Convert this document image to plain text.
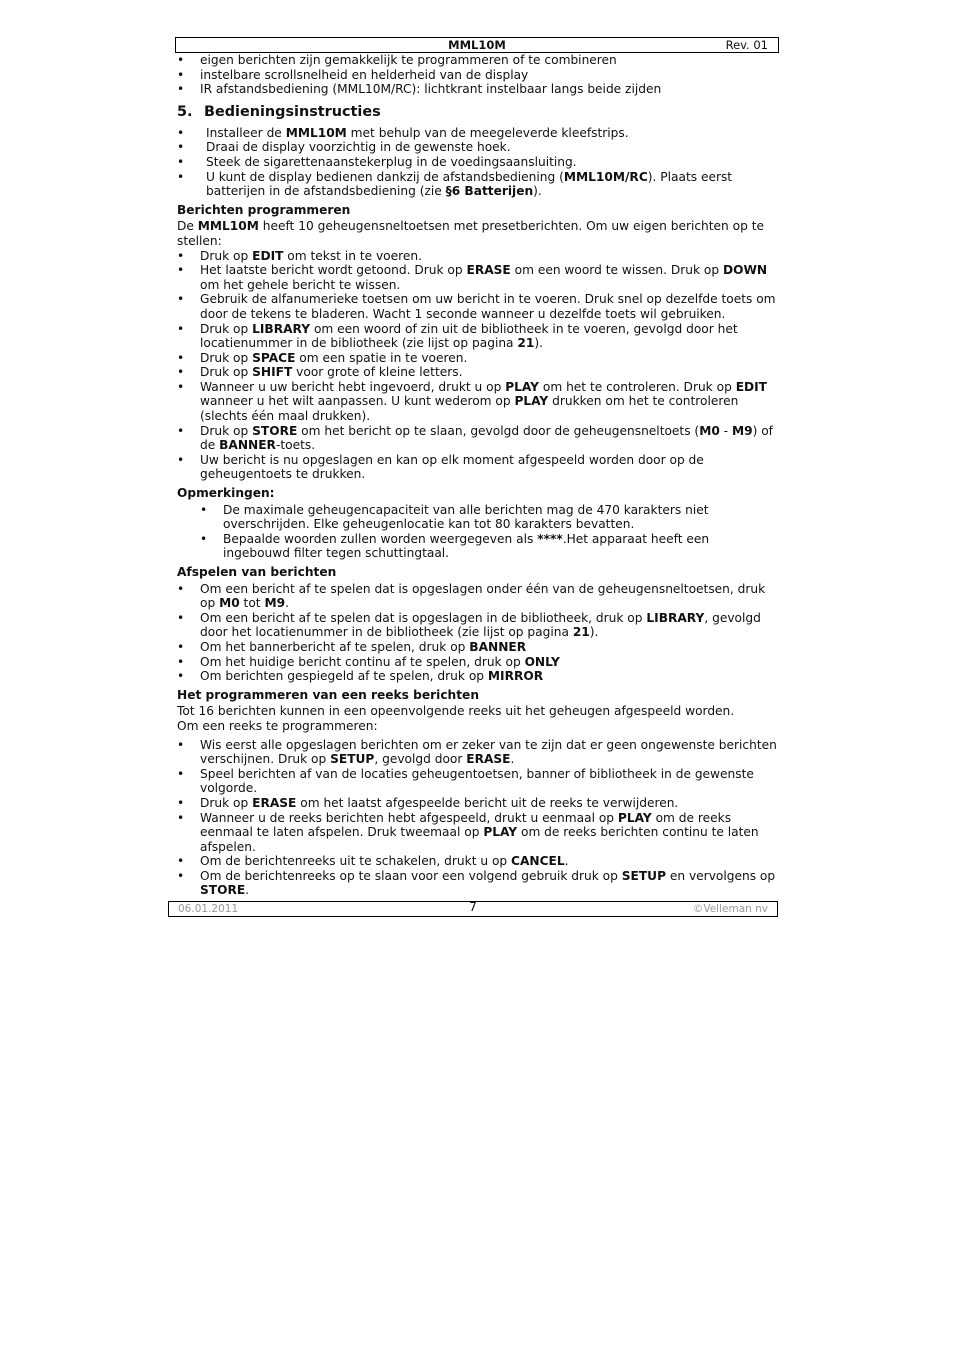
MML10M	Rev. 01
• eigen berichten zijn gemakkelijk te programmeren of te combineren
• instelbare scrollsnelheid en helderheid van de display
• IR afstandsbediening (MML10M/RC): lichtkrant instelbaar langs beide zijden
5. Bedieningsinstructies
• Installeer de MML10M met behulp van de meegeleverde kleefstrips.
• Draai de display voorzichtig in de gewenste hoek.
• Steek de sigarettenaanstekerplug in de voedingsaansluiting.
• U kunt de display bedienen dankzij de afstandsbediening (MML10M/RC). Plaats eerst batterijen in de afstandsbediening (zie §6 Batterijen).
Berichten programmeren

De MML10M heeft 10 geheugensneltoetsen met presetberichten. Om uw eigen berichten op te stellen:

• Druk op EDIT om tekst in te voeren.
• Het laatste bericht wordt getoond. Druk op ERASE om een woord te wissen. Druk op DOWN om het gehele bericht te wissen.
• Gebruik de alfanumerieke toetsen om uw bericht in te voeren. Druk snel op dezelfde toets om door de tekens te bladeren. Wacht 1 seconde wanneer u dezelfde toets wil gebruiken.
• Druk op LIBRARY om een woord of zin uit de bibliotheek in te voeren, gevolgd door het locatienummer in de bibliotheek (zie lijst op pagina 21).
• Druk op SPACE om een spatie in te voeren.
• Druk op SHIFT voor grote of kleine letters.
• Wanneer u uw bericht hebt ingevoerd, drukt u op PLAY om het te controleren. Druk op EDIT wanneer u het wilt aanpassen. U kunt wederom op PLAY drukken om het te controleren (slechts één maal drukken).
• Druk op STORE om het bericht op te slaan, gevolgd door de geheugensneltoets (M0 - M9) of de BANNER-toets.
• Uw bericht is nu opgeslagen en kan op elk moment afgespeeld worden door op de geheugentoets te drukken.
Opmerkingen:
• De maximale geheugencapaciteit van alle berichten mag de 470 karakters niet overschrijden. Elke geheugenlocatie kan tot 80 karakters bevatten.
• Bepaalde woorden zullen worden weergegeven als ****.Het apparaat heeft een ingebouwd filter tegen schuttingtaal.
Afspelen van berichten
• Om een bericht af te spelen dat is opgeslagen onder één van de geheugensneltoetsen, druk op M0 tot M9.
• Om een bericht af te spelen dat is opgeslagen in de bibliotheek, druk op LIBRARY, gevolgd door het locatienummer in de bibliotheek (zie lijst op pagina 21).
• Om het bannerbericht af te spelen, druk op BANNER
• Om het huidige bericht continu af te spelen, druk op ONLY
• Om berichten gespiegeld af te spelen, druk op MIRROR
Het programmeren van een reeks berichten

Tot 16 berichten kunnen in een opeenvolgende reeks uit het geheugen afgespeeld worden.

Om een reeks te programmeren:

• Wis eerst alle opgeslagen berichten om er zeker van te zijn dat er geen ongewenste berichten verschijnen. Druk op SETUP, gevolgd door ERASE.
• Speel berichten af van de locaties geheugentoetsen, banner of bibliotheek in de gewenste volgorde.
• Druk op ERASE om het laatst afgespeelde bericht uit de reeks te verwijderen.
• Wanneer u de reeks berichten hebt afgespeeld, drukt u eenmaal op PLAY om de reeks eenmaal te laten afspelen. Druk tweemaal op PLAY om de reeks berichten continu te laten afspelen.
• Om de berichtenreeks uit te schakelen, drukt u op CANCEL.
• Om de berichtenreeks op te slaan voor een volgend gebruik druk op SETUP en vervolgens op STORE.
06.01.2011	7	©Velleman nv
